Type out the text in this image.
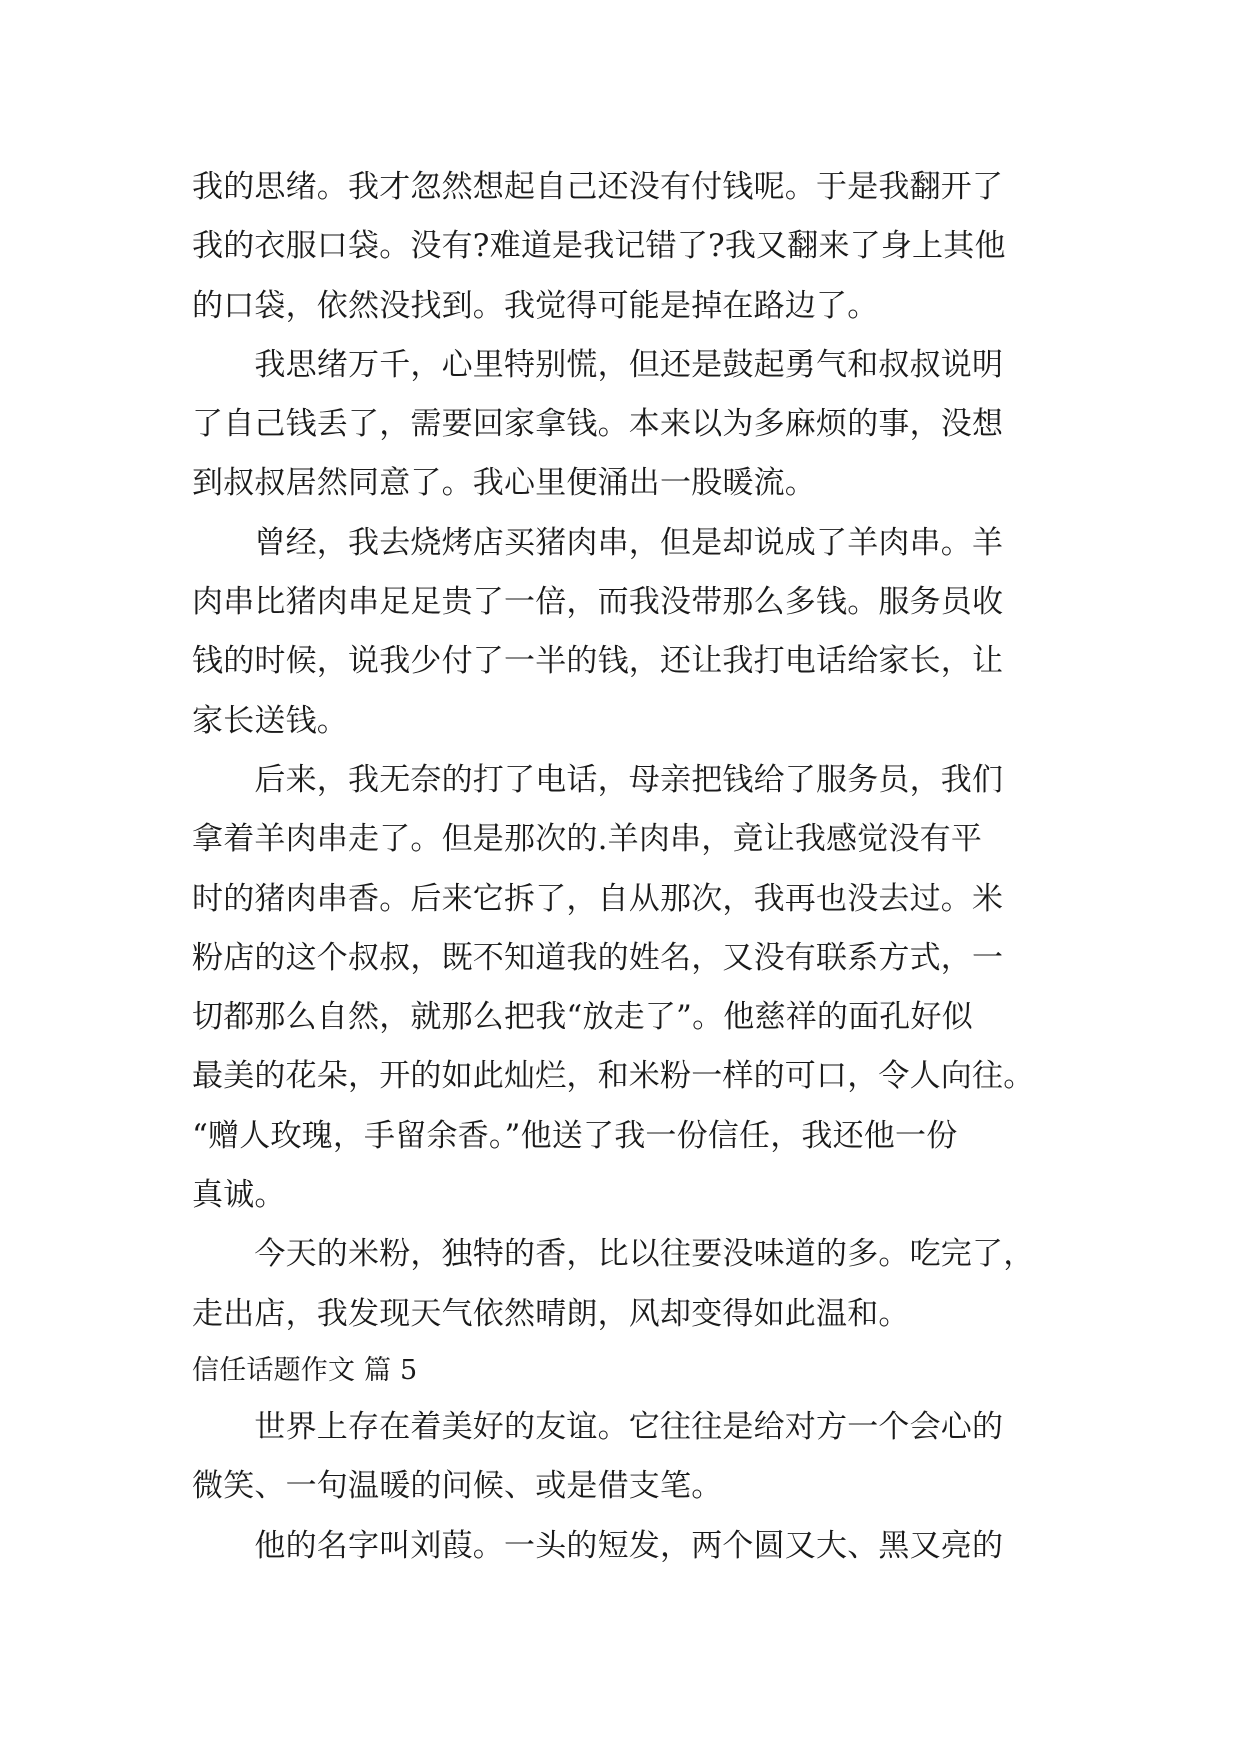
我的思绪。我才忽然想起自己还没有付钱呢。于是我翻开了
我的衣服口袋。没有?难道是我记错了?我又翻来了身上其他
的口袋，依然没找到。我觉得可能是掉在路边了。
　　我思绪万千，心里特别慌，但还是鼓起勇气和叔叔说明
了自己钱丢了，需要回家拿钱。本来以为多麻烦的事，没想
到叔叔居然同意了。我心里便涌出一股暖流。
　　曾经，我去烧烤店买猪肉串，但是却说成了羊肉串。羊
肉串比猪肉串足足贵了一倍，而我没带那么多钱。服务员收
钱的时候，说我少付了一半的钱，还让我打电话给家长，让
家长送钱。
　　后来，我无奈的打了电话，母亲把钱给了服务员，我们
拿着羊肉串走了。但是那次的.羊肉串，竟让我感觉没有平
时的猪肉串香。后来它拆了，自从那次，我再也没去过。米
粉店的这个叔叔，既不知道我的姓名，又没有联系方式，一
切都那么自然，就那么把我“放走了”。他慈祥的面孔好似
最美的花朵，开的如此灿烂，和米粉一样的可口，令人向往。
“赠人玫瑰，手留余香。”他送了我一份信任，我还他一份
真诚。
　　今天的米粉，独特的香，比以往要没味道的多。吃完了，
走出店，我发现天气依然晴朗，风却变得如此温和。
信任话题作文 篇 5
　　世界上存在着美好的友谊。它往往是给对方一个会心的
微笑、一句温暖的问候、或是借支笔。
　　他的名字叫刘葭。一头的短发，两个圆又大、黑又亮的
